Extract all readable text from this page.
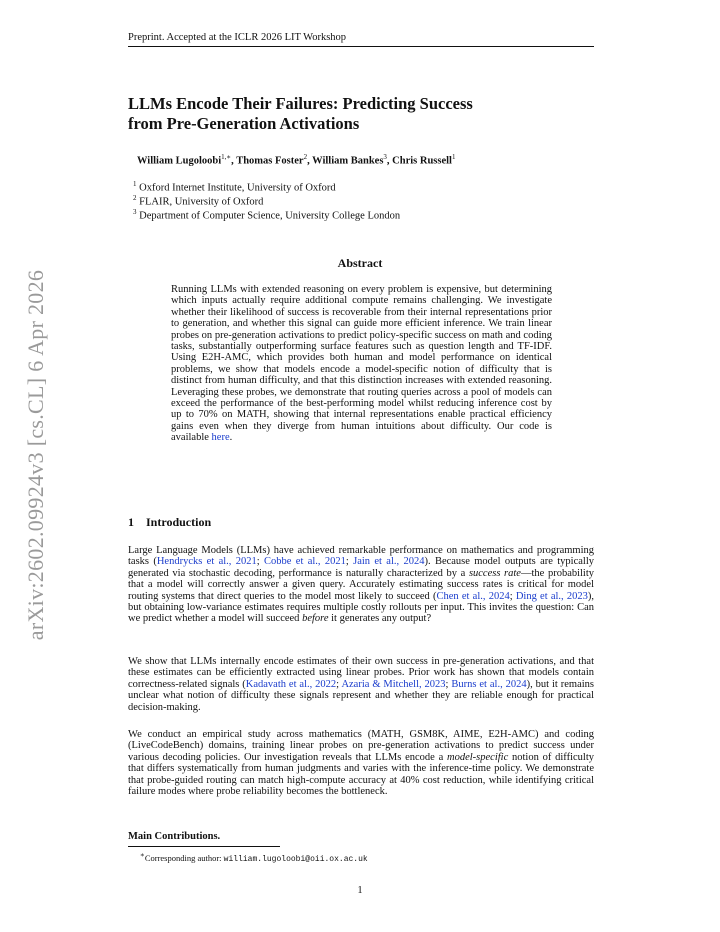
Preprint. Accepted at the ICLR 2026 LIT Workshop
arXiv:2602.09924v3 [cs.CL] 6 Apr 2026
LLMs Encode Their Failures: Predicting Success
from Pre-Generation Activations
William Lugoloobi$^{1,∗}$, Thomas Foster$^2$, William Bankes$^3$, Chris Russell$^1$
$^1$ Oxford Internet Institute, University of Oxford
$^2$ FLAIR, University of Oxford
$^3$ Department of Computer Science, University College London
Abstract

Running LLMs with extended reasoning on every problem is expensive, but determining which inputs actually require additional compute remains challenging. We investigate whether their likelihood of success is recoverable from their internal representations prior to generation, and whether this signal can guide more efficient inference. We train linear probes on pre-generation activations to predict policy-specific success on math and coding tasks, substantially outperforming surface features such as question length and TF-IDF. Using E2H-AMC, which provides both human and model performance on identical problems, we show that models encode a model-specific notion of difficulty that is distinct from human difficulty, and that this distinction increases with extended reasoning. Leveraging these probes, we demonstrate that routing queries across a pool of models can exceed the performance of the best-performing model whilst reducing inference cost by up to 70% on MATH, showing that internal representations enable practical efficiency gains even when they diverge from human intuitions about difficulty. Our code is available here.

1 Introduction

Large Language Models (LLMs) have achieved remarkable performance on mathematics and programming tasks (Hendrycks et al., 2021; Cobbe et al., 2021; Jain et al., 2024). Because model outputs are typically generated via stochastic decoding, performance is naturally characterized by a success rate—the probability that a model will correctly answer a given query. Accurately estimating success rates is critical for model routing systems that direct queries to the model most likely to succeed (Chen et al., 2024; Ding et al., 2023), but obtaining low-variance estimates requires multiple costly rollouts per input. This invites the question: Can we predict whether a model will succeed before it generates any output?

We show that LLMs internally encode estimates of their own success in pre-generation activations, and that these estimates can be efficiently extracted using linear probes. Prior work has shown that models contain correctness-related signals (Kadavath et al., 2022; Azaria & Mitchell, 2023; Burns et al., 2024), but it remains unclear what notion of difficulty these signals represent and whether they are reliable enough for practical decision-making.

We conduct an empirical study across mathematics (MATH, GSM8K, AIME, E2H-AMC) and coding (LiveCodeBench) domains, training linear probes on pre-generation activations to predict success under various decoding policies. Our investigation reveals that LLMs encode a model-specific notion of difficulty that differs systematically from human judgments and varies with the inference-time policy. We demonstrate that probe-guided routing can match high-compute accuracy at 40% cost reduction, while identifying critical failure modes where probe reliability becomes the bottleneck.

Main Contributions.
∗Corresponding author: william.lugoloobi@oii.ox.ac.uk
1
